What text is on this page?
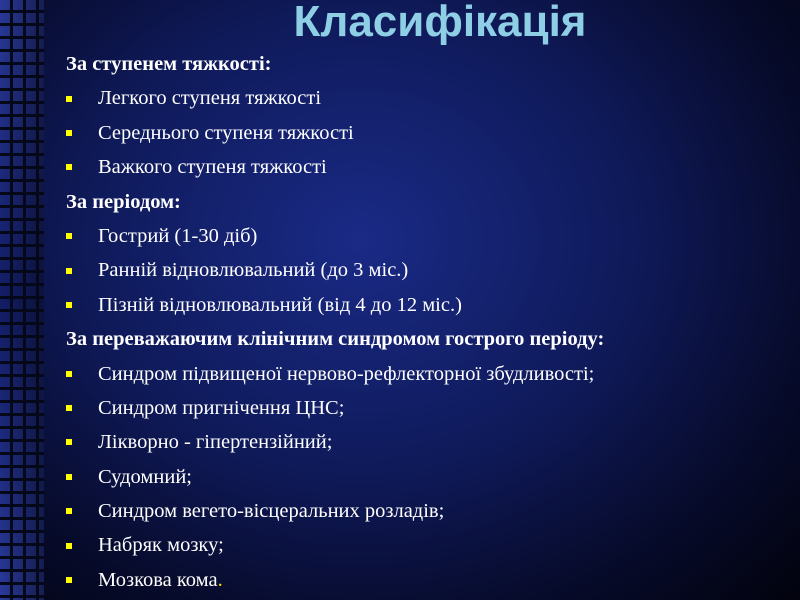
Класифікація
За ступенем тяжкості:
Легкого ступеня тяжкості
Середнього ступеня тяжкості
Важкого ступеня тяжкості
За періодом:
Гострий (1-30 діб)
Ранній відновлювальний (до 3 міс.)
Пізній відновлювальний (від 4 до 12 міс.)
За переважаючим клінічним синдромом гострого періоду:
Синдром підвищеної нервово-рефлекторної збудливості;
Синдром пригнічення ЦНС;
Лікворно - гіпертензійний;
Судомний;
Синдром вегето-вісцеральних розладів;
Набряк мозку;
Мозкова кома .
